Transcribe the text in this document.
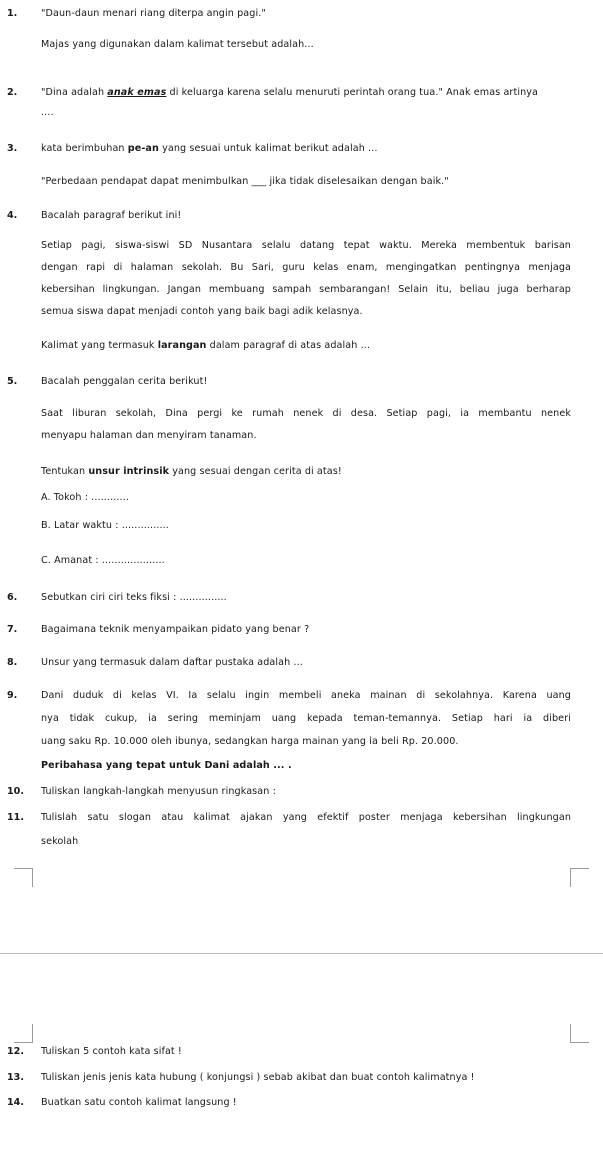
1. "Daun-daun menari riang diterpa angin pagi."
Majas yang digunakan dalam kalimat tersebut adalah...
2. "Dina adalah anak emas di keluarga karena selalu menuruti perintah orang tua." Anak emas artinya
....
3. kata berimbuhan pe-an yang sesuai untuk kalimat berikut adalah ...
"Perbedaan pendapat dapat menimbulkan ___ jika tidak diselesaikan dengan baik."
4. Bacalah paragraf berikut ini!
Setiap pagi, siswa-siswi SD Nusantara selalu datang tepat waktu. Mereka membentuk barisan
dengan rapi di halaman sekolah. Bu Sari, guru kelas enam, mengingatkan pentingnya menjaga
kebersihan lingkungan. Jangan membuang sampah sembarangan! Selain itu, beliau juga berharap
semua siswa dapat menjadi contoh yang baik bagi adik kelasnya.
Kalimat yang termasuk larangan dalam paragraf di atas adalah ...
5. Bacalah penggalan cerita berikut!
Saat liburan sekolah, Dina pergi ke rumah nenek di desa. Setiap pagi, ia membantu nenek
menyapu halaman dan menyiram tanaman.
Tentukan unsur intrinsik yang sesuai dengan cerita di atas!
A. Tokoh : ............
B. Latar waktu : ...............
C. Amanat : ....................
6. Sebutkan ciri ciri teks fiksi : ...............
7. Bagaimana teknik menyampaikan pidato yang benar ?
8. Unsur yang termasuk dalam daftar pustaka adalah ...
9. Dani duduk di kelas VI. Ia selalu ingin membeli aneka mainan di sekolahnya. Karena uang
nya tidak cukup, ia sering meminjam uang kepada teman-temannya. Setiap hari ia diberi
uang saku Rp. 10.000 oleh ibunya, sedangkan harga mainan yang ia beli Rp. 20.000.
Peribahasa yang tepat untuk Dani adalah ... .
10. Tuliskan langkah-langkah menyusun ringkasan :
11. Tulislah satu slogan atau kalimat ajakan yang efektif poster menjaga kebersihan lingkungan
sekolah
12. Tuliskan 5 contoh kata sifat !
13. Tuliskan jenis jenis kata hubung ( konjungsi ) sebab akibat dan buat contoh kalimatnya !
14. Buatkan satu contoh kalimat langsung !
